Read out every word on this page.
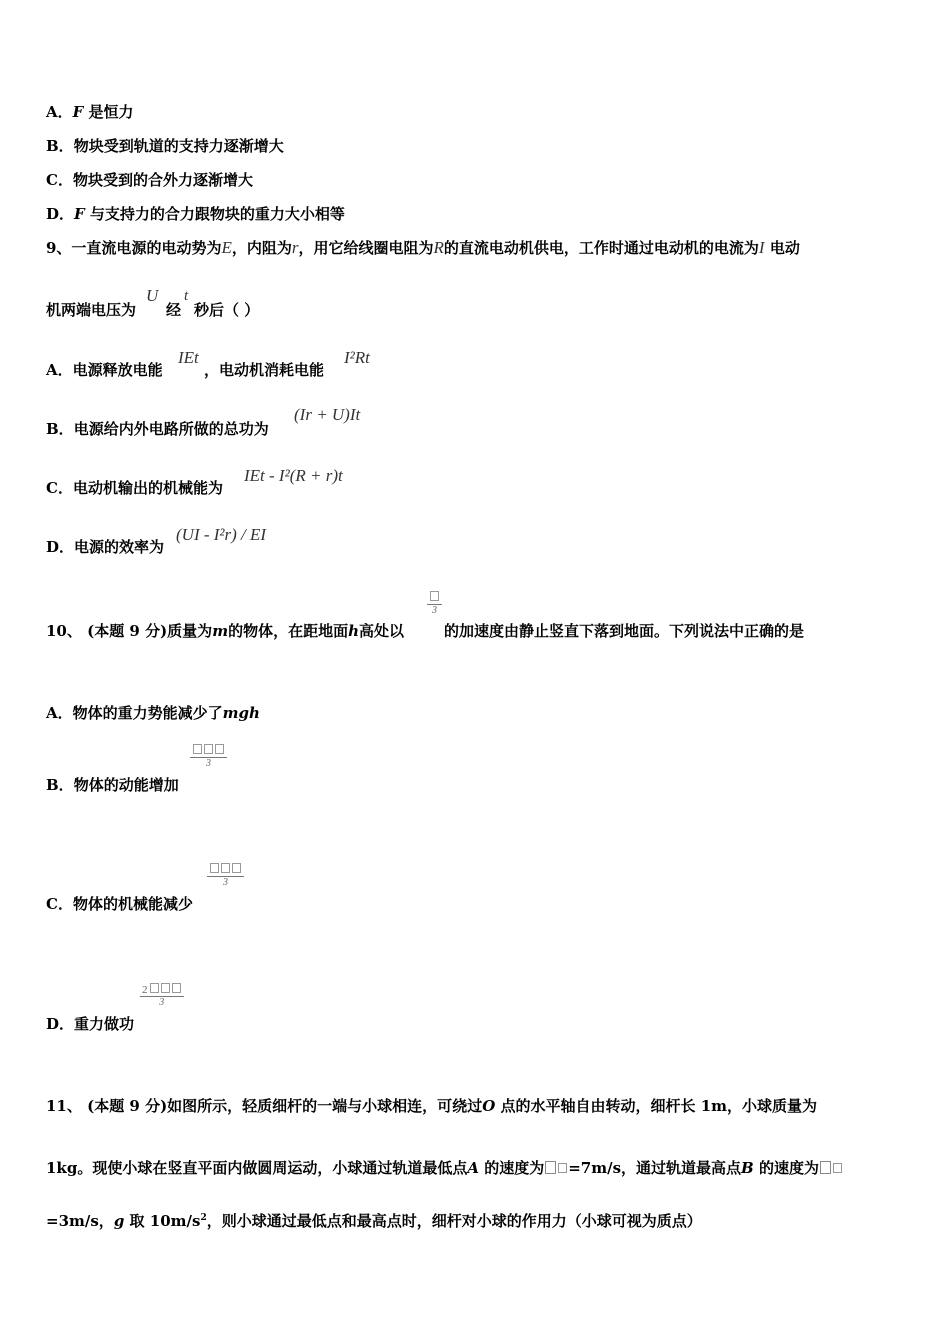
A．F 是恒力
B．物块受到轨道的支持力逐渐增大
C．物块受到的合外力逐渐增大
D．F 与支持力的合力跟物块的重力大小相等
9、一直流电源的电动势为E，内阻为r，用它给线圈电阻为R的直流电动机供电，工作时通过电动机的电流为I 电动
机两端电压为
U
经
t
秒后（ ）
A．电源释放电能
IEt
，电动机消耗电能
I²Rt
B．电源给内外电路所做的总功为
(Ir + U)It
C．电动机输出的机械能为
IEt - I²(R + r)t
D．电源的效率为
(UI - I²r) / EI
10、 (本题 9 分)质量为m的物体，在距地面h高处以
3
的加速度由静止竖直下落到地面。下列说法中正确的是
A．物体的重力势能减少了mgh
3
B．物体的动能增加
3
C．物体的机械能减少
$\frac{2}{3}$
D．重力做功
11、 (本题 9 分)如图所示，轻质细杆的一端与小球相连，可绕过O 点的水平轴自由转动，细杆长 1m，小球质量为
1kg。现使小球在竖直平面内做圆周运动，小球通过轨道最低点A 的速度为 =7m/s，通过轨道最高点B 的速度为
=3m/s，g 取 $10m/s^2$，则小球通过最低点和最高点时，细杆对小球的作用力（小球可视为质点）
